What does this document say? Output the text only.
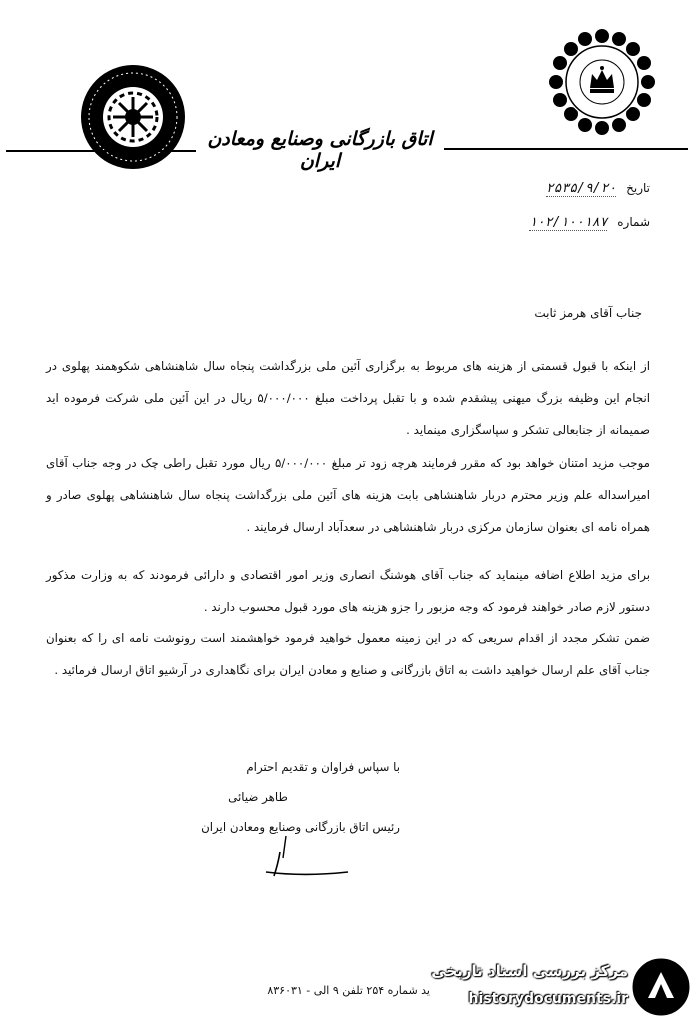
اتاق بازرگانی وصنایع ومعادن ایران
تاریخ ۲۵۳۵/۹/۲۰
شماره ۱۰۲/۱۰۰۱۸۷
جناب آقای هرمز ثابت
از اینکه با قبول قسمتی از هزینه های مربوط به برگزاری آئین ملی بزرگداشت پنجاه سال شاهنشاهی شکوهمند پهلوی در انجام این وظیفه بزرگ میهنی پیشقدم شده و با تقبل پرداخت مبلغ ۵/۰۰۰/۰۰۰ ریال در این آئین ملی شرکت فرموده اید صمیمانه از جنابعالی تشکر و سپاسگزاری مینماید .
موجب مزید امتنان خواهد بود که مقرر فرمایند هرچه زود تر مبلغ ۵/۰۰۰/۰۰۰ ریال مورد تقبل راطی چک در وجه جناب آقای امیراسداله علم وزیر محترم دربار شاهنشاهی بابت هزینه های آئین ملی بزرگداشت پنجاه سال شاهنشاهی پهلوی صادر و همراه نامه ای بعنوان سازمان مرکزی دربار شاهنشاهی در سعدآباد ارسال فرمایند .
برای مزید اطلاع اضافه مینماید که جناب آقای هوشنگ انصاری وزیر امور اقتصادی و دارائی فرمودند که به وزارت مذکور دستور لازم صادر خواهند فرمود که وجه مزبور را جزو هزینه های مورد قبول محسوب دارند .
ضمن تشکر مجدد از اقدام سریعی که در این زمینه معمول خواهید فرمود خواهشمند است رونوشت نامه ای را که بعنوان جناب آقای علم ارسال خواهید داشت به اتاق بازرگانی و صنایع و معادن ایران برای نگاهداری در آرشیو اتاق ارسال فرمائید .
با سپاس فراوان و تقدیم احترام
طاهر ضیائی
رئیس اتاق بازرگانی وصنایع ومعادن ایران
ید شماره ۲۵۴ تلفن ۹ الی - ۸۳۶۰۳۱
مرکز بررسی اسناد تاریخی
historydocuments.ir
